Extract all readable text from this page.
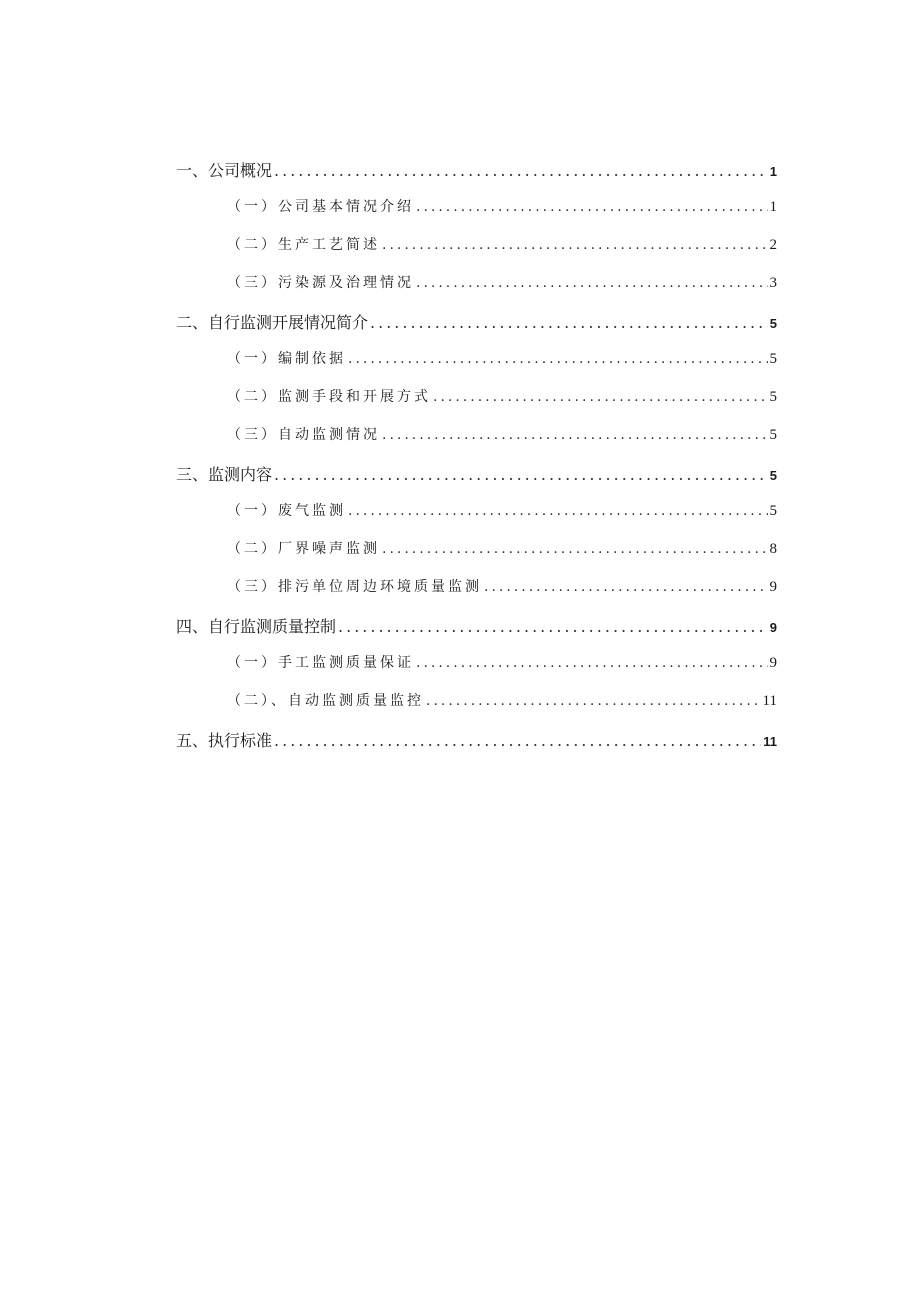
一、公司概况 .....	1
（一）公司基本情况介绍 .....	1
（二）生产工艺简述 .....	2
（三）污染源及治理情况 .....	3
二、自行监测开展情况简介 .....	5
（一）编制依据 .....	5
（二）监测手段和开展方式 .....	5
（三）自动监测情况 .....	5
三、监测内容 .....	5
（一）废气监测 .....	5
（二）厂界噪声监测 .....	8
（三）排污单位周边环境质量监测 .....	9
四、自行监测质量控制 .....	9
（一）手工监测质量保证 .....	9
（二）、自动监测质量监控 .....	11
五、执行标准 .....	11
